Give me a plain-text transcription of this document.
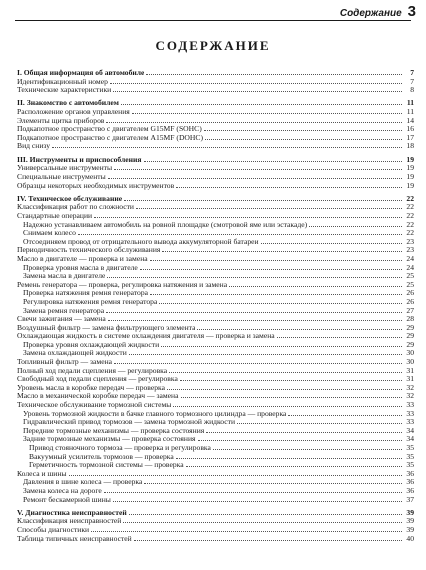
Содержание 3
СОДЕРЖАНИЕ
I. Общая информация об автомобиле	7
Идентификационный номер	7
Технические характеристики	8
II. Знакомство с автомобилем	11
Расположение органов управления	11
Элементы щитка приборов	14
Подкапотное пространство с двигателем G15MF (SOHC)	16
Подкапотное пространство с двигателем A15MF (DOHC)	17
Вид снизу	18
III. Инструменты и приспособления	19
Универсальные инструменты	19
Специальные инструменты	19
Образцы некоторых необходимых инструментов	19
IV. Техническое обслуживание	22
Классификация работ по сложности	22
Стандартные операции	22
Надежно устанавливаем автомобиль на ровной площадке (смотровой яме или эстакаде)	22
Снимаем колесо	22
Отсоединяем провод от отрицательного вывода аккумуляторной батареи	23
Периодичность технического обслуживания	23
Масло в двигателе — проверка и замена	24
Проверка уровня масла в двигателе	24
Замена масла в двигателе	25
Ремень генератора — проверка, регулировка натяжения и замена	25
Проверка натяжения ремня генератора	26
Регулировка натяжения ремня генератора	26
Замена ремня генератора	27
Свечи зажигания — замена	28
Воздушный фильтр — замена фильтрующего элемента	29
Охлаждающая жидкость в системе охлаждения двигателя — проверка и замена	29
Проверка уровня охлаждающей жидкости	29
Замена охлаждающей жидкости	30
Топливный фильтр — замена	30
Полный ход педали сцепления — регулировка	31
Свободный ход педали сцепления — регулировка	31
Уровень масла в коробке передач — проверка	32
Масло в механической коробке передач — замена	32
Техническое обслуживание тормозной системы	33
Уровень тормозной жидкости в бачке главного тормозного цилиндра — проверка	33
Гидравлический привод тормозов — замена тормозной жидкости	33
Передние тормозные механизмы — проверка состояния	34
Задние тормозные механизмы — проверка состояния	34
Привод стояночного тормоза — проверка и регулировка	35
Вакуумный усилитель тормозов — проверка	35
Герметичность тормозной системы — проверка	35
Колеса и шины	36
Давления в шине колеса — проверка	36
Замена колеса на дороге	36
Ремонт бескамерной шины	37
V. Диагностика неисправностей	39
Классификация неисправностей	39
Способы диагностики	39
Таблица типичных неисправностей	40
